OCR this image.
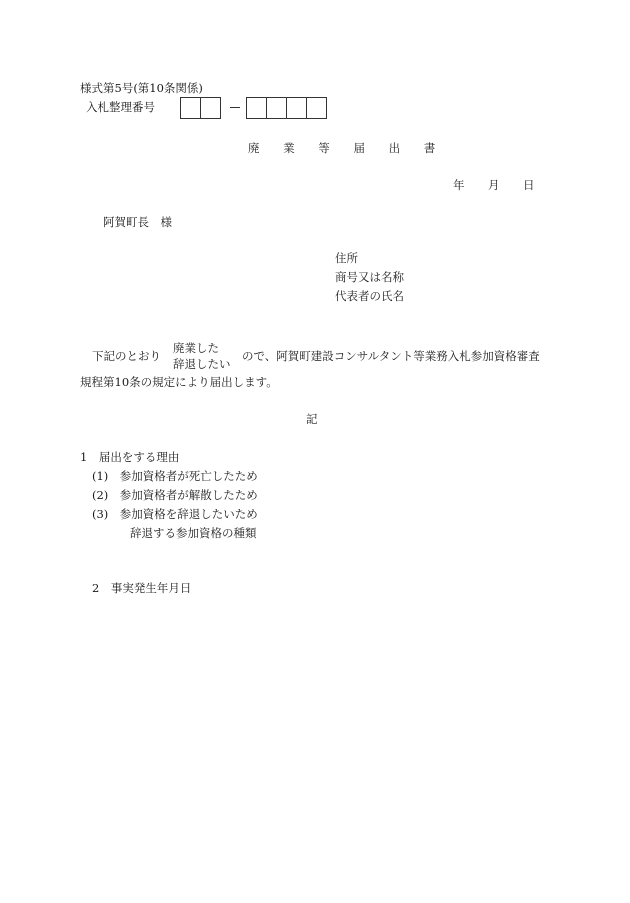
様式第5号(第10条関係)
入札整理番号
廃 業 等 届 出 書
年 月 日
阿賀町長　様
住所
商号又は名称
代表者の氏名
下記のとおり
廃業した
辞退したい
ので、阿賀町建設コンサルタント等業務入札参加資格審査
規程第10条の規定により届出します。
記
1　届出をする理由
(1)　参加資格者が死亡したため
(2)　参加資格者が解散したため
(3)　参加資格を辞退したいため
辞退する参加資格の種類
2　事実発生年月日
